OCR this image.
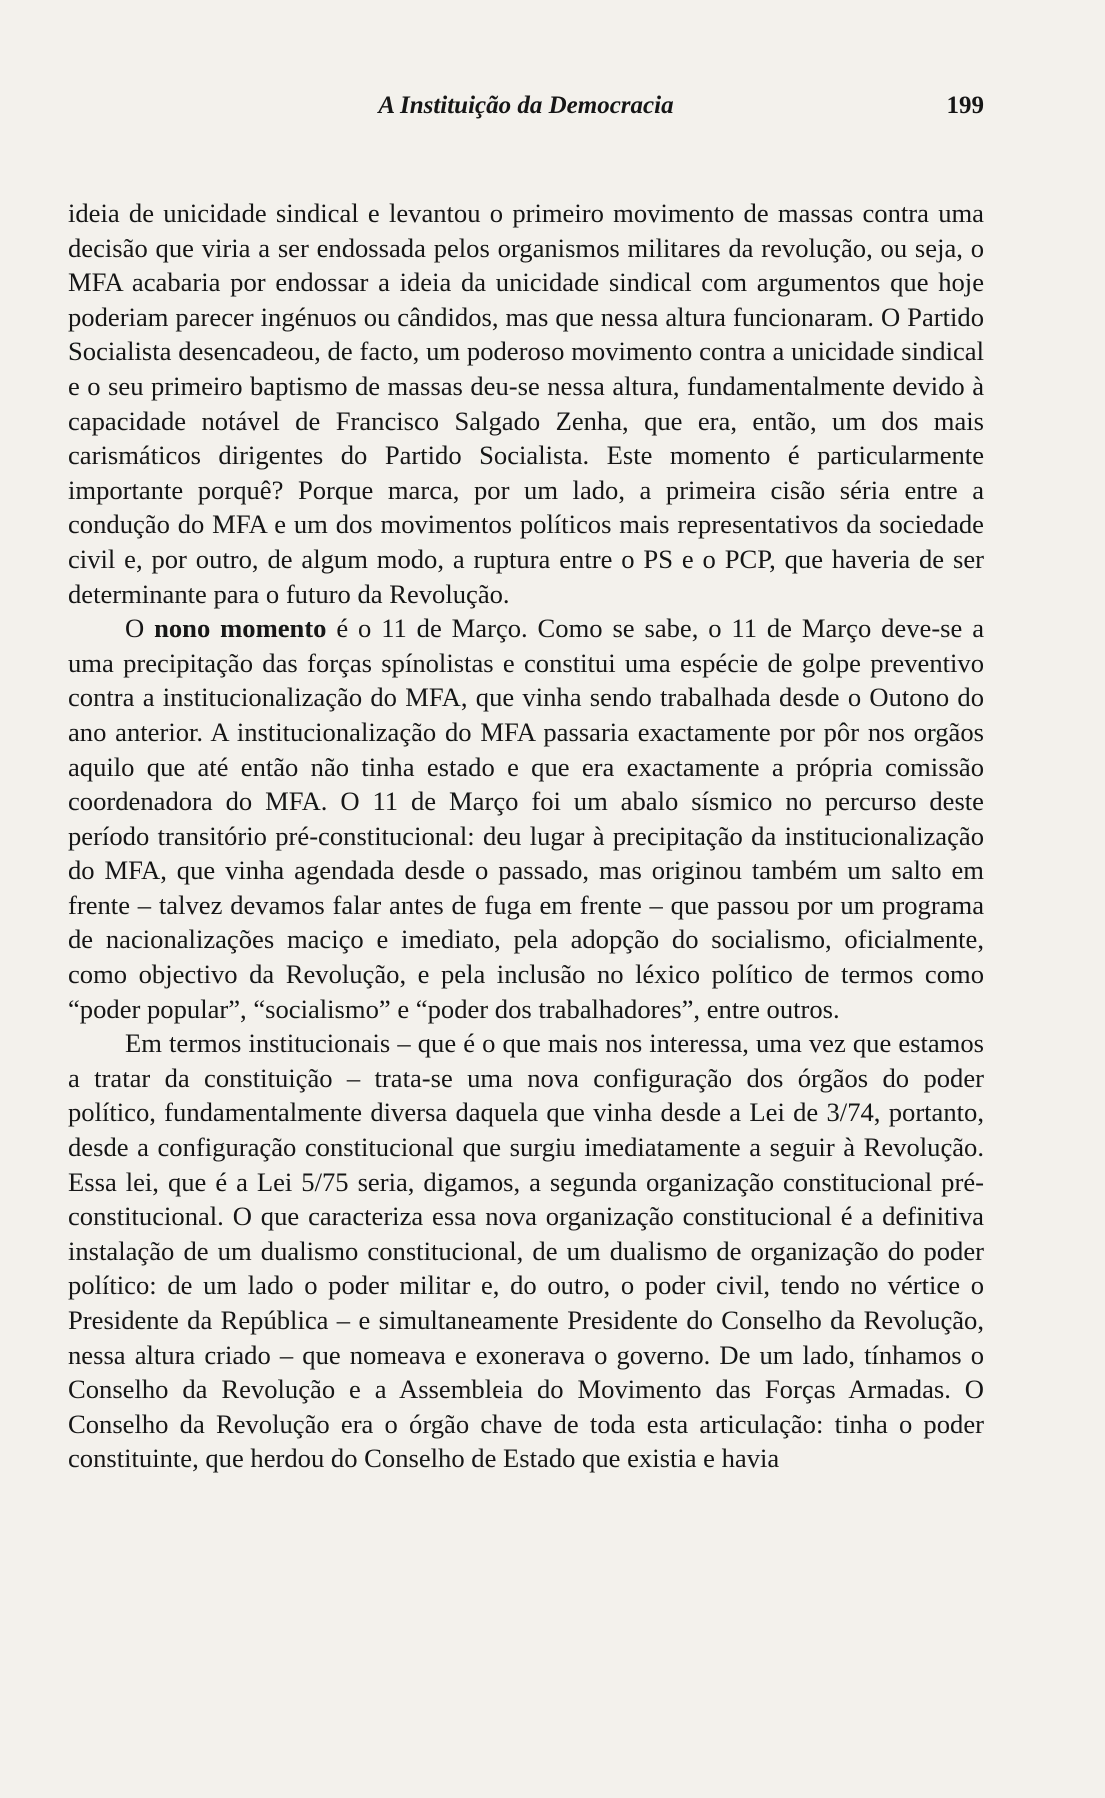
A Instituição da Democracia	199

ideia de unicidade sindical e levantou o primeiro movimento de massas contra uma decisão que viria a ser endossada pelos organismos militares da revolução, ou seja, o MFA acabaria por endossar a ideia da unicidade sindical com argumentos que hoje poderiam parecer ingénuos ou cândidos, mas que nessa altura funcionaram. O Partido Socialista desencadeou, de facto, um poderoso movimento contra a unicidade sindical e o seu primeiro baptismo de massas deu-se nessa altura, fundamentalmente devido à capacidade notável de Francisco Salgado Zenha, que era, então, um dos mais carismáticos dirigentes do Partido Socialista. Este momento é particularmente importante porquê? Porque marca, por um lado, a primeira cisão séria entre a condução do MFA e um dos movimentos políticos mais representativos da sociedade civil e, por outro, de algum modo, a ruptura entre o PS e o PCP, que haveria de ser determinante para o futuro da Revolução.

O nono momento é o 11 de Março. Como se sabe, o 11 de Março deve-se a uma precipitação das forças spínolistas e constitui uma espécie de golpe preventivo contra a institucionalização do MFA, que vinha sendo trabalhada desde o Outono do ano anterior. A institucionalização do MFA passaria exactamente por pôr nos orgãos aquilo que até então não tinha estado e que era exactamente a própria comissão coordenadora do MFA. O 11 de Março foi um abalo sísmico no percurso deste período transitório pré-constitucional: deu lugar à precipitação da institucionalização do MFA, que vinha agendada desde o passado, mas originou também um salto em frente – talvez devamos falar antes de fuga em frente – que passou por um programa de nacionalizações maciço e imediato, pela adopção do socialismo, oficialmente, como objectivo da Revolução, e pela inclusão no léxico político de termos como “poder popular”, “socialismo” e “poder dos trabalhadores”, entre outros.

Em termos institucionais – que é o que mais nos interessa, uma vez que estamos a tratar da constituição – trata-se uma nova configuração dos órgãos do poder político, fundamentalmente diversa daquela que vinha desde a Lei de 3/74, portanto, desde a configuração constitucional que surgiu imediatamente a seguir à Revolução. Essa lei, que é a Lei 5/75 seria, digamos, a segunda organização constitucional pré-constitucional. O que caracteriza essa nova organização constitucional é a definitiva instalação de um dualismo constitucional, de um dualismo de organização do poder político: de um lado o poder militar e, do outro, o poder civil, tendo no vértice o Presidente da República – e simultaneamente Presidente do Conselho da Revolução, nessa altura criado – que nomeava e exonerava o governo. De um lado, tínhamos o Conselho da Revolução e a Assembleia do Movimento das Forças Armadas. O Conselho da Revolução era o órgão chave de toda esta articulação: tinha o poder constituinte, que herdou do Conselho de Estado que existia e havia
